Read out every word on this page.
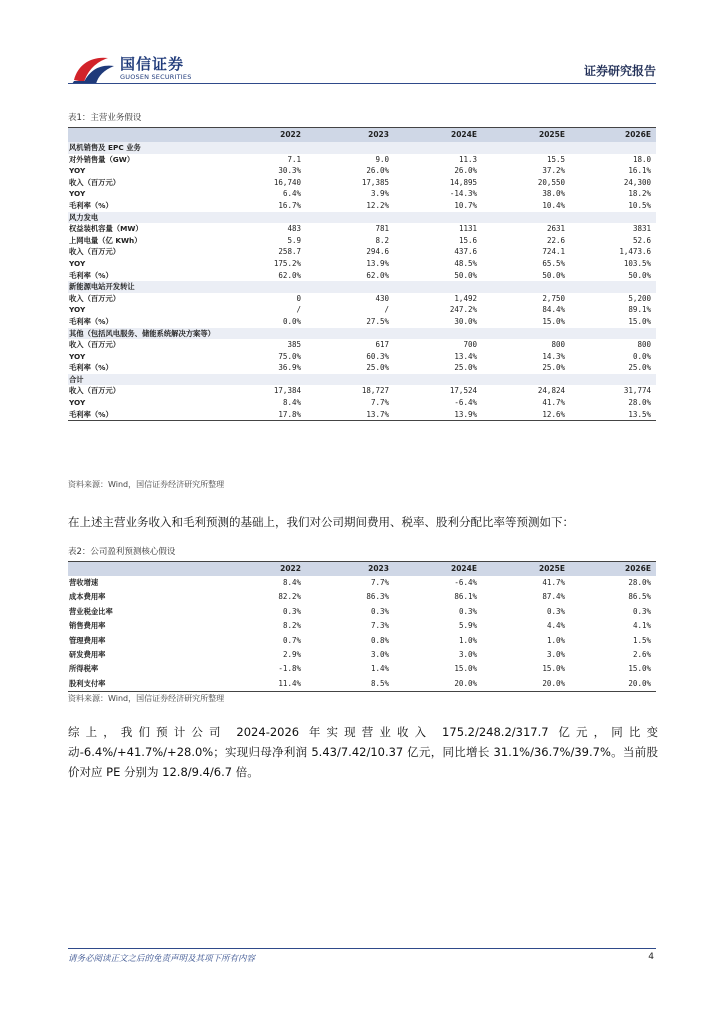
国信证券
GUOSEN SECURITIES	证券研究报告
表1：主营业务假设
	2022	2023	2024E	2025E	2026E
风机销售及 EPC 业务					
对外销售量（GW）	7.1	9.0	11.3	15.5	18.0
YOY	30.3%	26.0%	26.0%	37.2%	16.1%
收入（百万元）	16,740	17,385	14,895	20,550	24,300
YOY	6.4%	3.9%	-14.3%	38.0%	18.2%
毛利率（%）	16.7%	12.2%	10.7%	10.4%	10.5%
风力发电					
权益装机容量（MW）	483	781	1131	2631	3831
上网电量（亿 KWh）	5.9	8.2	15.6	22.6	52.6
收入（百万元）	258.7	294.6	437.6	724.1	1,473.6
YOY	175.2%	13.9%	48.5%	65.5%	103.5%
毛利率（%）	62.0%	62.0%	50.0%	50.0%	50.0%
新能源电站开发转让					
收入（百万元）	0	430	1,492	2,750	5,200
YOY	/	/	247.2%	84.4%	89.1%
毛利率（%）	0.0%	27.5%	30.0%	15.0%	15.0%
其他（包括风电服务、储能系统解决方案等）					
收入（百万元）	385	617	700	800	800
YOY	75.0%	60.3%	13.4%	14.3%	0.0%
毛利率（%）	36.9%	25.0%	25.0%	25.0%	25.0%
合计					
收入（百万元）	17,384	18,727	17,524	24,824	31,774
YOY	8.4%	7.7%	-6.4%	41.7%	28.0%
毛利率（%）	17.8%	13.7%	13.9%	12.6%	13.5%
资料来源：Wind，国信证券经济研究所整理
在上述主营业务收入和毛利预测的基础上，我们对公司期间费用、税率、股利分配比率等预测如下：
表2：公司盈利预测核心假设
	2022	2023	2024E	2025E	2026E
营收增速	8.4%	7.7%	-6.4%	41.7%	28.0%
成本费用率	82.2%	86.3%	86.1%	87.4%	86.5%
营业税金比率	0.3%	0.3%	0.3%	0.3%	0.3%
销售费用率	8.2%	7.3%	5.9%	4.4%	4.1%
管理费用率	0.7%	0.8%	1.0%	1.0%	1.5%
研发费用率	2.9%	3.0%	3.0%	3.0%	2.6%
所得税率	-1.8%	1.4%	15.0%	15.0%	15.0%
股利支付率	11.4%	8.5%	20.0%	20.0%	20.0%
资料来源：Wind，国信证券经济研究所整理
综上，我们预计公司 2024-2026 年实现营业收入 175.2/248.2/317.7 亿元，同比变动-6.4%/+41.7%/+28.0%；实现归母净利润 5.43/7.42/10.37 亿元，同比增长 31.1%/36.7%/39.7%。当前股价对应 PE 分别为 12.8/9.4/6.7 倍。
请务必阅读正文之后的免责声明及其项下所有内容	4
